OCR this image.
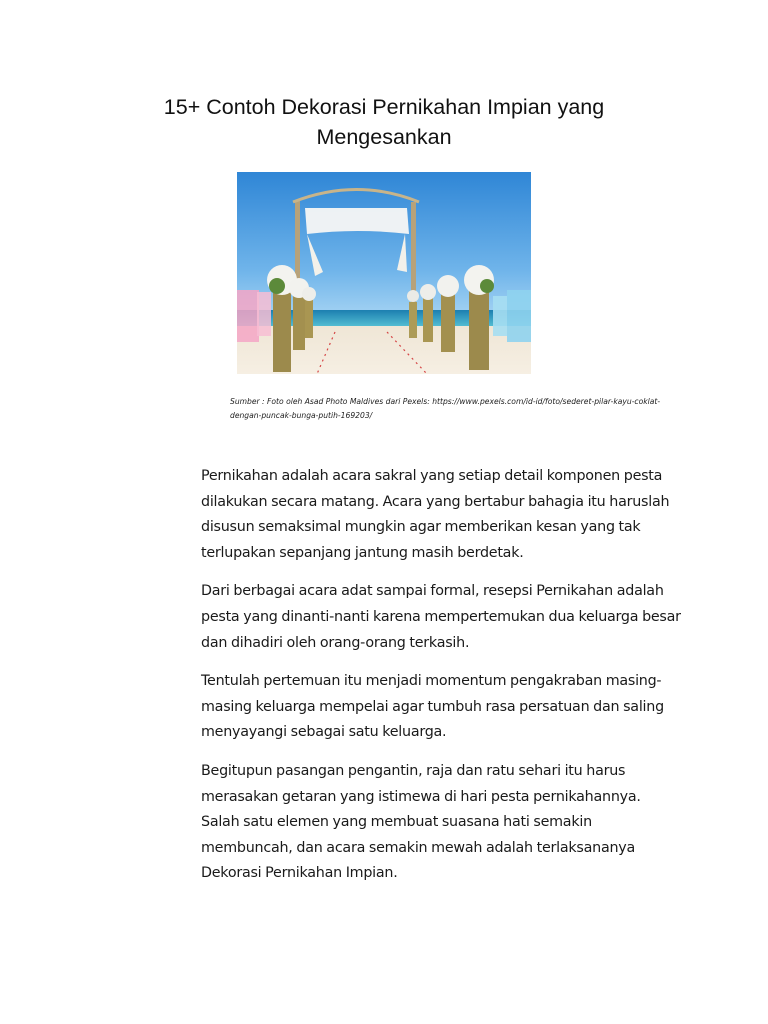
15+ Contoh Dekorasi Pernikahan Impian yang Mengesankan

Sumber : Foto oleh Asad Photo Maldives dari Pexels: https://www.pexels.com/id-id/foto/sederet-pilar-kayu-coklat-dengan-puncak-bunga-putih-169203/

Pernikahan adalah acara sakral yang setiap detail komponen pesta dilakukan secara matang. Acara yang bertabur bahagia itu haruslah disusun semaksimal mungkin agar memberikan kesan yang tak terlupakan sepanjang jantung masih berdetak.

Dari berbagai acara adat sampai formal, resepsi Pernikahan adalah pesta yang dinanti-nanti karena mempertemukan dua keluarga besar dan dihadiri oleh orang-orang terkasih.

Tentulah pertemuan itu menjadi momentum pengakraban masing-masing keluarga mempelai agar tumbuh rasa persatuan dan saling menyayangi sebagai satu keluarga.

Begitupun pasangan pengantin, raja dan ratu sehari itu harus merasakan getaran yang istimewa di hari pesta pernikahannya. Salah satu elemen yang membuat suasana hati semakin membuncah, dan acara semakin mewah adalah terlaksananya Dekorasi Pernikahan Impian.
